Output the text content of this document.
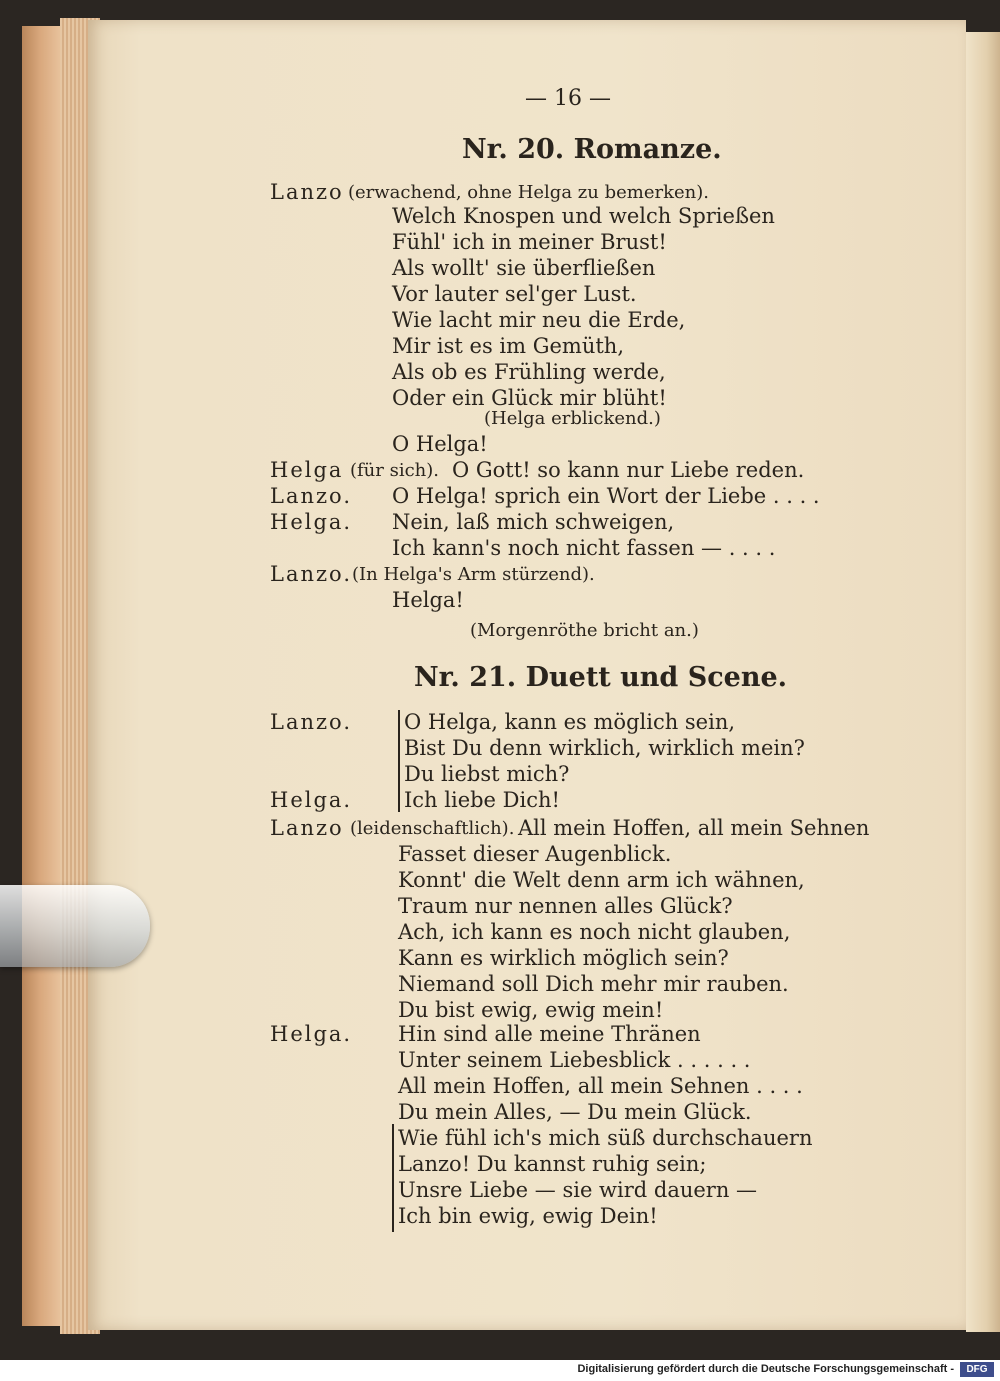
— 16 —
Nr. 20. Romanze.
Lanzo (erwachend, ohne Helga zu bemerken).
Welch Knospen und welch Sprießen
Fühl' ich in meiner Brust!
Als wollt' sie überfließen
Vor lauter sel'ger Lust.
Wie lacht mir neu die Erde,
Mir ist es im Gemüth,
Als ob es Frühling werde,
Oder ein Glück mir blüht!
(Helga erblickend.)
O Helga!
Helga (für sich). O Gott! so kann nur Liebe reden.
Lanzo. O Helga! sprich ein Wort der Liebe . . . .
Helga. Nein, laß mich schweigen,
Ich kann's noch nicht fassen — . . . .
Lanzo. (In Helga's Arm stürzend).
Helga!
(Morgenröthe bricht an.)
Nr. 21. Duett und Scene.
Lanzo. O Helga, kann es möglich sein,
Bist Du denn wirklich, wirklich mein?
Du liebst mich?
Helga. Ich liebe Dich!
Lanzo (leidenschaftlich). All mein Hoffen, all mein Sehnen
Fasset dieser Augenblick.
Konnt' die Welt denn arm ich wähnen,
Traum nur nennen alles Glück?
Ach, ich kann es noch nicht glauben,
Kann es wirklich möglich sein?
Niemand soll Dich mehr mir rauben.
Du bist ewig, ewig mein!
Helga. Hin sind alle meine Thränen
Unter seinem Liebesblick . . . . . .
All mein Hoffen, all mein Sehnen . . . .
Du mein Alles, — Du mein Glück.
Wie fühl ich's mich süß durchschauern
Lanzo! Du kannst ruhig sein;
Unsre Liebe — sie wird dauern —
Ich bin ewig, ewig Dein!
Digitalisierung gefördert durch die Deutsche Forschungsgemeinschaft -	DFG
